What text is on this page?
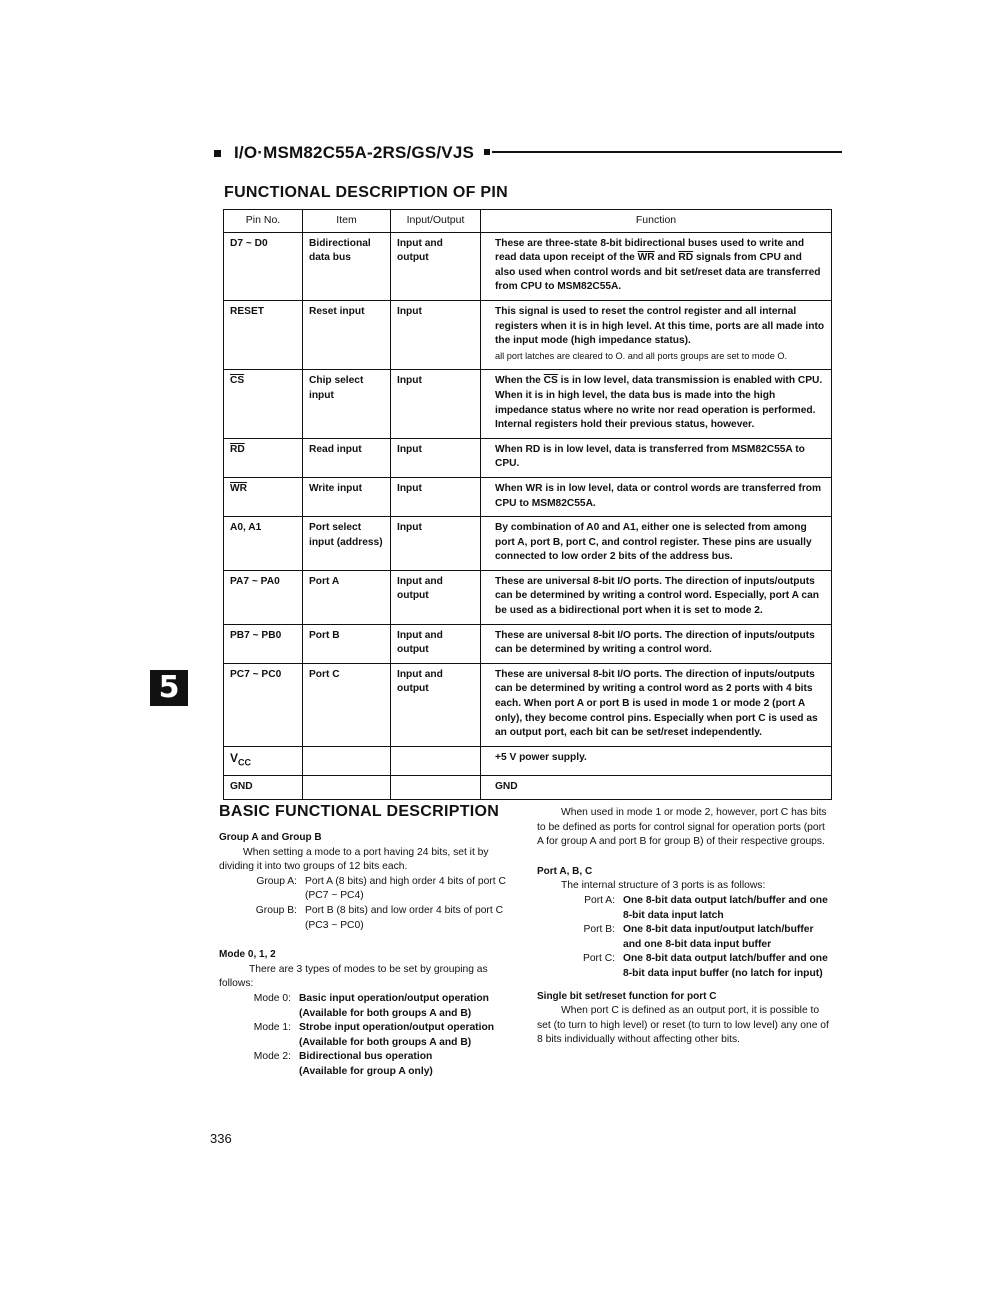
I/O·MSM82C55A-2RS/GS/VJS
FUNCTIONAL DESCRIPTION OF PIN
Pin No.	Item	Input/Output	Function
D7 ~ D0	Bidirectional data bus	Input and output	These are three-state 8-bit bidirectional buses used to write and read data upon receipt of the $\overline{WR}$ and $\overline{RD}$ signals from CPU and also used when control words and bit set/reset data are transferred from CPU to MSM82C55A.
RESET	Reset input	Input	This signal is used to reset the control register and all internal registers when it is in high level. At this time, ports are all made into the input mode (high impedance status).
all port latches are cleared to O. and all ports groups are set to mode O.
$\overline{CS}$	Chip select input	Input	When the $\overline{CS}$ is in low level, data transmission is enabled with CPU. When it is in high level, the data bus is made into the high impedance status where no write nor read operation is performed. Internal registers hold their previous status, however.
$\overline{RD}$	Read input	Input	When RD is in low level, data is transferred from MSM82C55A to CPU.
$\overline{WR}$	Write input	Input	When WR is in low level, data or control words are transferred from CPU to MSM82C55A.
A0, A1	Port select input (address)	Input	By combination of A0 and A1, either one is selected from among port A, port B, port C, and control register. These pins are usually connected to low order 2 bits of the address bus.
PA7 ~ PA0	Port A	Input and output	These are universal 8-bit I/O ports. The direction of inputs/outputs can be determined by writing a control word. Especially, port A can be used as a bidirectional port when it is set to mode 2.
PB7 ~ PB0	Port B	Input and output	These are universal 8-bit I/O ports. The direction of inputs/outputs can be determined by writing a control word.
PC7 ~ PC0	Port C	Input and output	These are universal 8-bit I/O ports. The direction of inputs/outputs can be determined by writing a control word as 2 ports with 4 bits each. When port A or port B is used in mode 1 or mode 2 (port A only), they become control pins. Especially when port C is used as an output port, each bit can be set/reset independently.
$V_{CC}$			+5 V power supply.
GND			GND
5
BASIC FUNCTIONAL DESCRIPTION

Group A and Group B

When setting a mode to a port having 24 bits, set it by dividing it into two groups of 12 bits each.

Group A: Port A (8 bits) and high order 4 bits of port C (PC7 ~ PC4)
Group B: Port B (8 bits) and low order 4 bits of port C (PC3 ~ PC0)

Mode 0, 1, 2

There are 3 types of modes to be set by grouping as follows:

Mode 0: Basic input operation/output operation
(Available for both groups A and B)
Mode 1: Strobe input operation/output operation
(Available for both groups A and B)
Mode 2: Bidirectional bus operation
(Available for group A only)

When used in mode 1 or mode 2, however, port C has bits to be defined as ports for control signal for operation ports (port A for group A and port B for group B) of their respective groups.

Port A, B, C

The internal structure of 3 ports is as follows:

Port A: One 8-bit data output latch/buffer and one 8-bit data input latch
Port B: One 8-bit data input/output latch/buffer and one 8-bit data input buffer
Port C: One 8-bit data output latch/buffer and one 8-bit data input buffer (no latch for input)

Single bit set/reset function for port C

When port C is defined as an output port, it is possible to set (to turn to high level) or reset (to turn to low level) any one of 8 bits individually without affecting other bits.

336
